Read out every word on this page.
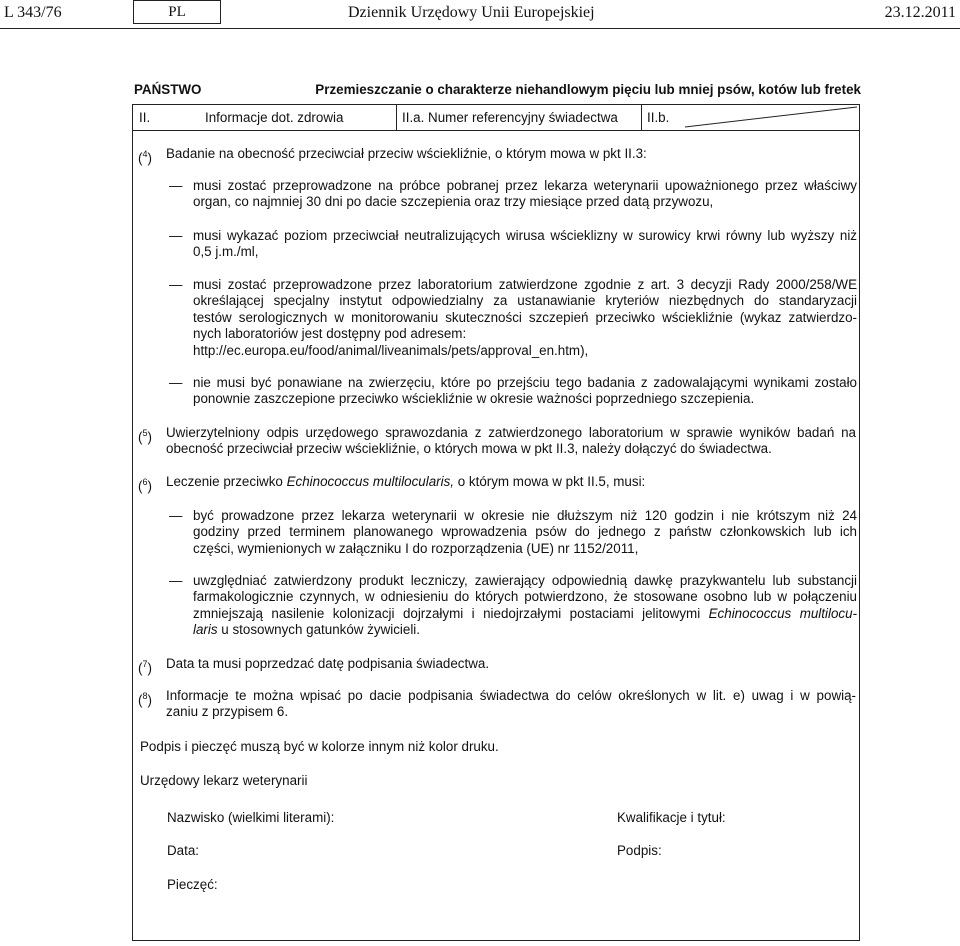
L 343/76	PL	Dziennik Urzędowy Unii Europejskiej	23.12.2011
PAŃSTWO	Przemieszczanie o charakterze niehandlowym pięciu lub mniej psów, kotów lub fretek
II.	Informacje dot. zdrowia	II.a. Numer referencyjny świadectwa II.b.
($^4$) Badanie na obecność przeciwciał przeciw wściekliźnie, o którym mowa w pkt II.3:
— musi zostać przeprowadzone na próbce pobranej przez lekarza weterynarii upoważnionego przez właściwy
organ, co najmniej 30 dni po dacie szczepienia oraz trzy miesiące przed datą przywozu,
— musi wykazać poziom przeciwciał neutralizujących wirusa wścieklizny w surowicy krwi równy lub wyższy niż
0,5 j.m./ml,
— musi zostać przeprowadzone przez laboratorium zatwierdzone zgodnie z art. 3 decyzji Rady 2000/258/WE
określającej specjalny instytut odpowiedzialny za ustanawianie kryteriów niezbędnych do standaryzacji
testów serologicznych w monitorowaniu skuteczności szczepień przeciwko wściekliźnie (wykaz zatwierdzo-
nych laboratoriów jest dostępny pod adresem:
http://ec.europa.eu/food/animal/liveanimals/pets/approval_en.htm),
— nie musi być ponawiane na zwierzęciu, które po przejściu tego badania z zadowalającymi wynikami zostało
ponownie zaszczepione przeciwko wściekliźnie w okresie ważności poprzedniego szczepienia.
($^5$) Uwierzytelniony odpis urzędowego sprawozdania z zatwierdzonego laboratorium w sprawie wyników badań na
obecność przeciwciał przeciw wściekliźnie, o których mowa w pkt II.3, należy dołączyć do świadectwa.
($^6$) Leczenie przeciwko Echinococcus multilocularis, o którym mowa w pkt II.5, musi:
— być prowadzone przez lekarza weterynarii w okresie nie dłuższym niż 120 godzin i nie krótszym niż 24
godziny przed terminem planowanego wprowadzenia psów do jednego z państw członkowskich lub ich
części, wymienionych w załączniku I do rozporządzenia (UE) nr 1152/2011,
— uwzględniać zatwierdzony produkt leczniczy, zawierający odpowiednią dawkę prazykwantelu lub substancji
farmakologicznie czynnych, w odniesieniu do których potwierdzono, że stosowane osobno lub w połączeniu
zmniejszają nasilenie kolonizacji dojrzałymi i niedojrzałymi postaciami jelitowymi Echinococcus multilocu-
laris u stosownych gatunków żywicieli.
($^7$) Data ta musi poprzedzać datę podpisania świadectwa.
($^8$) Informacje te można wpisać po dacie podpisania świadectwa do celów określonych w lit. e) uwag i w powią-
zaniu z przypisem 6.
Podpis i pieczęć muszą być w kolorze innym niż kolor druku.
Urzędowy lekarz weterynarii
Nazwisko (wielkimi literami):	Kwalifikacje i tytuł:
Data:	Podpis:
Pieczęć:
